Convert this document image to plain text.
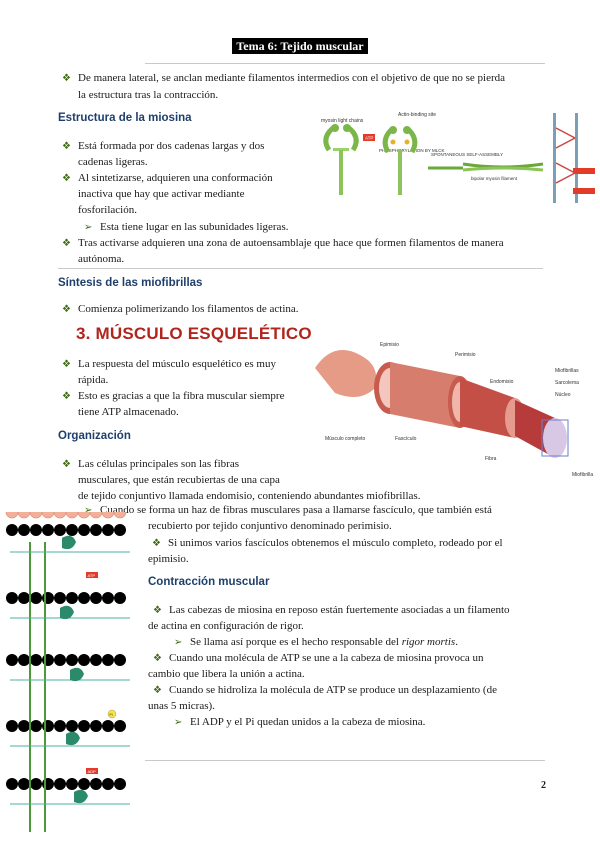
Tema 6: Tejido muscular
❖ De manera lateral, se anclan mediante filamentos intermedios con el objetivo de que no se pierda
la estructura tras la contracción.
Estructura de la miosina
❖ Está formada por dos cadenas largas y dos
cadenas ligeras.
❖ Al sintetizarse, adquieren una conformación
inactiva que hay que activar mediante
fosforilación.
➢ Esta tiene lugar en las subunidades ligeras.
❖ Tras activarse adquieren una zona de autoensamblaje que hace que formen filamentos de manera
autónoma.
myosin light chains
Actin-binding site
ATP
PHOSPHORYLATION BY MLCK
SPONTANEOUS SELF-ASSEMBLY
bipolar myosin filament
Síntesis de las miofibrillas
❖ Comienza polimerizando los filamentos de actina.
3. MÚSCULO ESQUELÉTICO
❖ La respuesta del músculo esquelético es muy
rápida.
❖ Esto es gracias a que la fibra muscular siempre
tiene ATP almacenado.
Epimisio
Perimisio
Endomisio
Miofibrillas
Sarcolema
Núcleo
Músculo completo	Fascículo
Fibra
Miofibrilla
Organización
❖ Las células principales son las fibras
musculares, que están recubiertas de una capa
de tejido conjuntivo llamada endomisio, conteniendo abundantes miofibrillas.
➢ Cuando se forma un haz de fibras musculares pasa a llamarse fascículo, que también está
recubierto por tejido conjuntivo denominado perimisio.
❖ Si unimos varios fascículos obtenemos el músculo completo, rodeado por el
epimisio.
ATP
ADP
Pi
Contracción muscular
❖ Las cabezas de miosina en reposo están fuertemente asociadas a un filamento
de actina en configuración de rigor.
➢ Se llama así porque es el hecho responsable del rigor mortis.
❖ Cuando una molécula de ATP se une a la cabeza de miosina provoca un
cambio que libera la unión a actina.
❖ Cuando se hidroliza la molécula de ATP se produce un desplazamiento (de
unas 5 micras).
➢ El ADP y el Pi quedan unidos a la cabeza de miosina.
2
